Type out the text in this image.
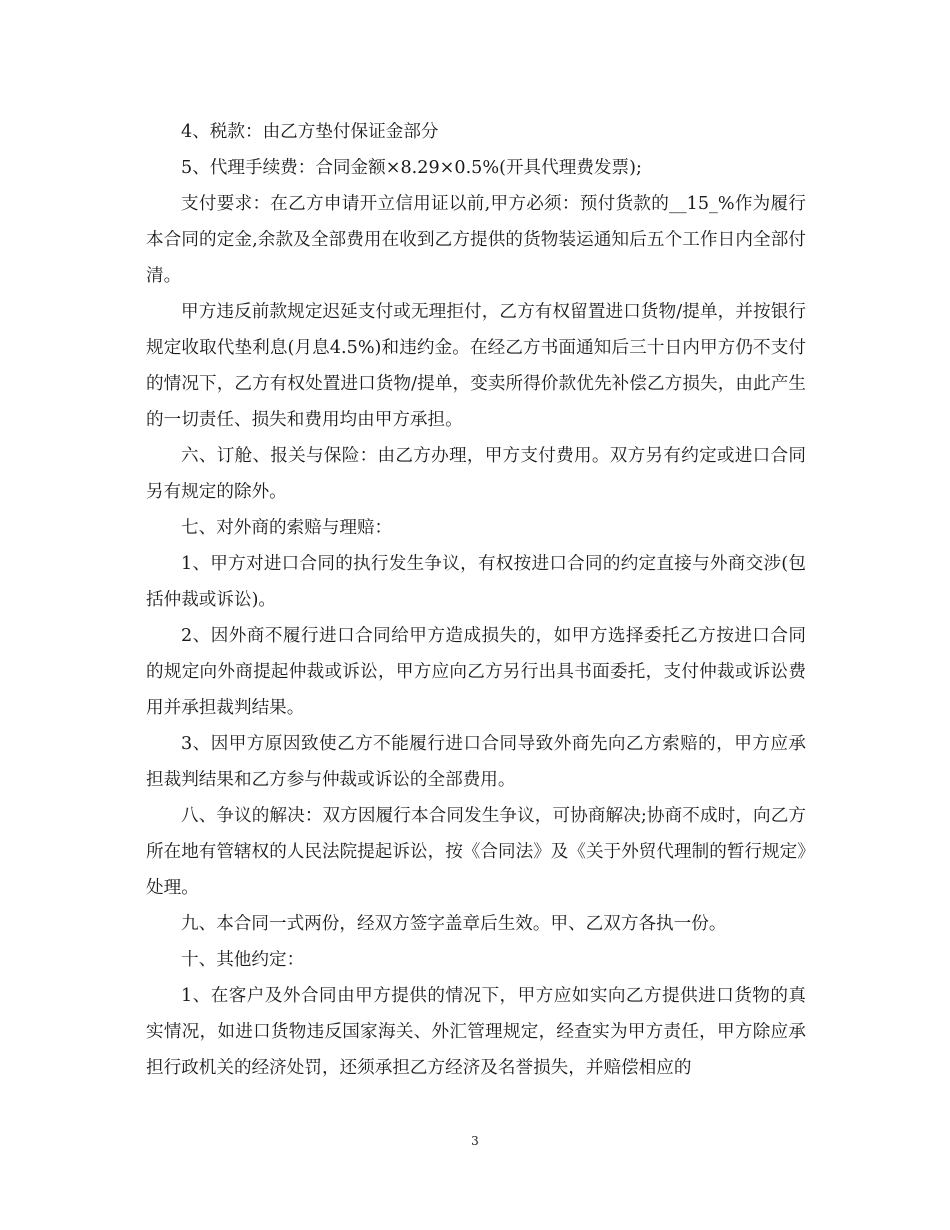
4、税款：由乙方垫付保证金部分

5、代理手续费：合同金额×8.29×0.5%(开具代理费发票);

支付要求：在乙方申请开立信用证以前,甲方必须：预付货款的__15_%作为履行本合同的定金,余款及全部费用在收到乙方提供的货物装运通知后五个工作日内全部付清。

甲方违反前款规定迟延支付或无理拒付，乙方有权留置进口货物/提单，并按银行规定收取代垫利息(月息4.5%)和违约金。在经乙方书面通知后三十日内甲方仍不支付的情况下，乙方有权处置进口货物/提单，变卖所得价款优先补偿乙方损失，由此产生的一切责任、损失和费用均由甲方承担。

六、订舱、报关与保险：由乙方办理，甲方支付费用。双方另有约定或进口合同另有规定的除外。

七、对外商的索赔与理赔：

1、甲方对进口合同的执行发生争议，有权按进口合同的约定直接与外商交涉(包括仲裁或诉讼)。

2、因外商不履行进口合同给甲方造成损失的，如甲方选择委托乙方按进口合同的规定向外商提起仲裁或诉讼，甲方应向乙方另行出具书面委托，支付仲裁或诉讼费用并承担裁判结果。

3、因甲方原因致使乙方不能履行进口合同导致外商先向乙方索赔的，甲方应承担裁判结果和乙方参与仲裁或诉讼的全部费用。

八、争议的解决：双方因履行本合同发生争议，可协商解决;协商不成时，向乙方所在地有管辖权的人民法院提起诉讼，按《合同法》及《关于外贸代理制的暂行规定》处理。

九、本合同一式两份，经双方签字盖章后生效。甲、乙双方各执一份。

十、其他约定：

1、在客户及外合同由甲方提供的情况下，甲方应如实向乙方提供进口货物的真实情况，如进口货物违反国家海关、外汇管理规定，经查实为甲方责任，甲方除应承担行政机关的经济处罚，还须承担乙方经济及名誉损失，并赔偿相应的

3
